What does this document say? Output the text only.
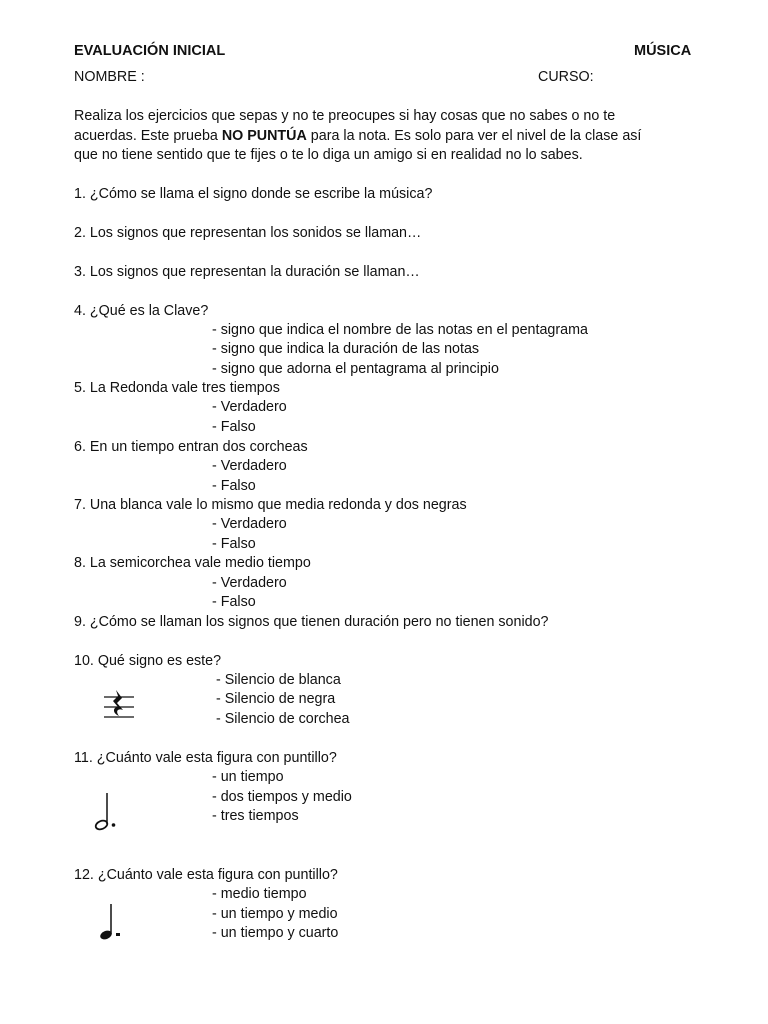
EVALUACIÓN INICIAL	MÚSICA
NOMBRE :	CURSO:
Realiza los ejercicios que sepas y no te preocupes si hay cosas que no sabes o no te
acuerdas. Este prueba NO PUNTÚA para la nota. Es solo para ver el nivel de la clase así
que no tiene sentido que te fijes o te lo diga un amigo si en realidad no lo sabes.
1. ¿Cómo se llama el signo donde se escribe la música?
2. Los signos que representan los sonidos se llaman…
3. Los signos que representan la duración se llaman…
4. ¿Qué es la Clave?
- signo que indica el nombre de las notas en el pentagrama
- signo que indica la duración de las notas
- signo que adorna el pentagrama al principio
5. La Redonda vale tres tiempos
- Verdadero
- Falso
6. En un tiempo entran dos corcheas
- Verdadero
- Falso
7. Una blanca vale lo mismo que media redonda y dos negras
- Verdadero
- Falso
8. La semicorchea vale medio tiempo
- Verdadero
- Falso
9. ¿Cómo se llaman los signos que tienen duración pero no tienen sonido?
10. Qué signo es este?
- Silencio de blanca
- Silencio de negra
- Silencio de corchea
11. ¿Cuánto vale esta figura con puntillo?
- un tiempo
- dos tiempos y medio
- tres tiempos
12. ¿Cuánto vale esta figura con puntillo?
- medio tiempo
- un tiempo y medio
- un tiempo y cuarto
